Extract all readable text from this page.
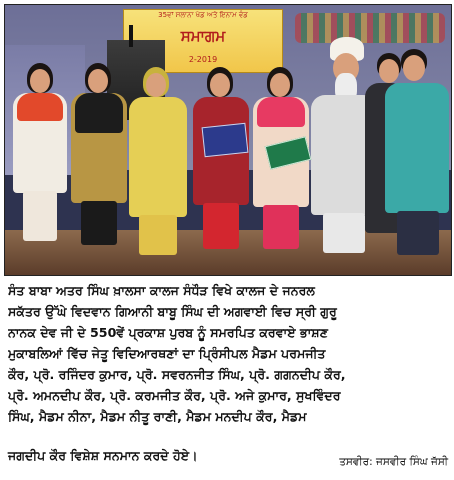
35ਵਾਂ ਸਲਾਨਾ ਖੇਡ ਅਤੇ ਇਨਾਮ ਵੰਡ
ਸਮਾਗਮ
2-2019
ਸੰਤ ਬਾਬਾ ਅਤਰ ਸਿੰਘ ਖ਼ਾਲਸਾ ਕਾਲਜ ਸੰਧੌੜ ਵਿਖੇ ਕਾਲਜ ਦੇ ਜਨਰਲ
ਸਕੱਤਰ ਉੱਘੇ ਵਿਦਵਾਨ ਗਿਆਨੀ ਬਾਬੂ ਸਿੰਘ ਦੀ ਅਗਵਾਈ ਵਿਚ ਸ੍ਰੀ ਗੁਰੂ
ਨਾਨਕ ਦੇਵ ਜੀ ਦੇ 550ਵੇਂ ਪ੍ਰਕਾਸ਼ ਪੁਰਬ ਨੂੰ ਸਮਰਪਿਤ ਕਰਵਾਏ ਭਾਸ਼ਣ
ਮੁਕਾਬਲਿਆਂ ਵਿੱਚ ਜੇਤੂ ਵਿਦਿਆਰਥਣਾਂ ਦਾ ਪ੍ਰਿੰਸੀਪਲ ਮੈਡਮ ਪਰਮਜੀਤ
ਕੌਰ, ਪ੍ਰੋ. ਰਜਿੰਦਰ ਕੁਮਾਰ, ਪ੍ਰੋ. ਸਵਰਨਜੀਤ ਸਿੰਘ, ਪ੍ਰੋ. ਗਗਨਦੀਪ ਕੌਰ,
ਪ੍ਰੋ. ਅਮਨਦੀਪ ਕੌਰ, ਪ੍ਰੋ. ਕਰਮਜੀਤ ਕੌਰ, ਪ੍ਰੋ. ਅਜੇ ਕੁਮਾਰ, ਸੁਖਵਿੰਦਰ
ਸਿੰਘ, ਮੈਡਮ ਨੀਨਾ, ਮੈਡਮ ਨੀਤੂ ਰਾਣੀ, ਮੈਡਮ ਮਨਦੀਪ ਕੌਰ, ਮੈਡਮ
ਜਗਦੀਪ ਕੌਰ ਵਿਸ਼ੇਸ਼ ਸਨਮਾਨ ਕਰਦੇ ਹੋਏ।	ਤਸਵੀਰ: ਜਸਵੀਰ ਸਿੰਘ ਜੱਸੀ
